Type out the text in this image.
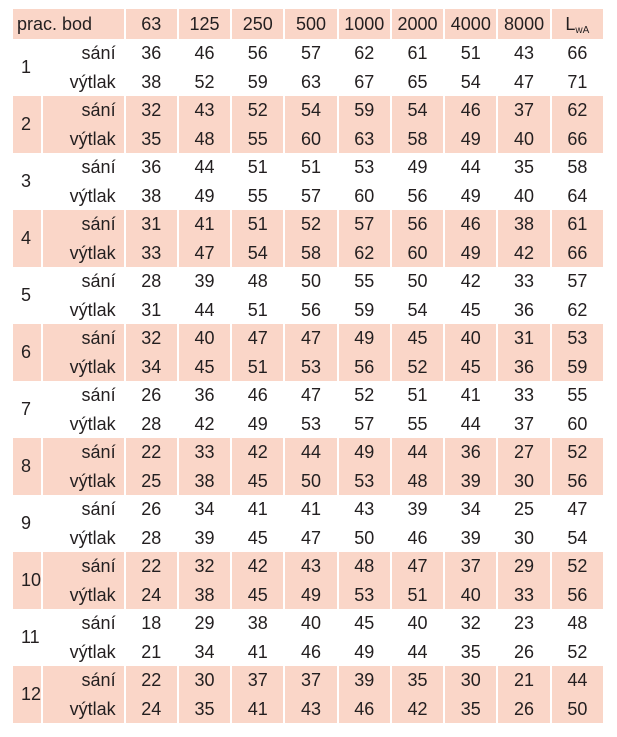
prac. bod		63	125	250	500	1000	2000	4000	8000	$L_{wA}$
1	sání	36	46	56	57	62	61	51	43	66
	výtlak	38	52	59	63	67	65	54	47	71
2	sání	32	43	52	54	59	54	46	37	62
	výtlak	35	48	55	60	63	58	49	40	66
3	sání	36	44	51	51	53	49	44	35	58
	výtlak	38	49	55	57	60	56	49	40	64
4	sání	31	41	51	52	57	56	46	38	61
	výtlak	33	47	54	58	62	60	49	42	66
5	sání	28	39	48	50	55	50	42	33	57
	výtlak	31	44	51	56	59	54	45	36	62
6	sání	32	40	47	47	49	45	40	31	53
	výtlak	34	45	51	53	56	52	45	36	59
7	sání	26	36	46	47	52	51	41	33	55
	výtlak	28	42	49	53	57	55	44	37	60
8	sání	22	33	42	44	49	44	36	27	52
	výtlak	25	38	45	50	53	48	39	30	56
9	sání	26	34	41	41	43	39	34	25	47
	výtlak	28	39	45	47	50	46	39	30	54
10	sání	22	32	42	43	48	47	37	29	52
	výtlak	24	38	45	49	53	51	40	33	56
11	sání	18	29	38	40	45	40	32	23	48
	výtlak	21	34	41	46	49	44	35	26	52
12	sání	22	30	37	37	39	35	30	21	44
	výtlak	24	35	41	43	46	42	35	26	50
